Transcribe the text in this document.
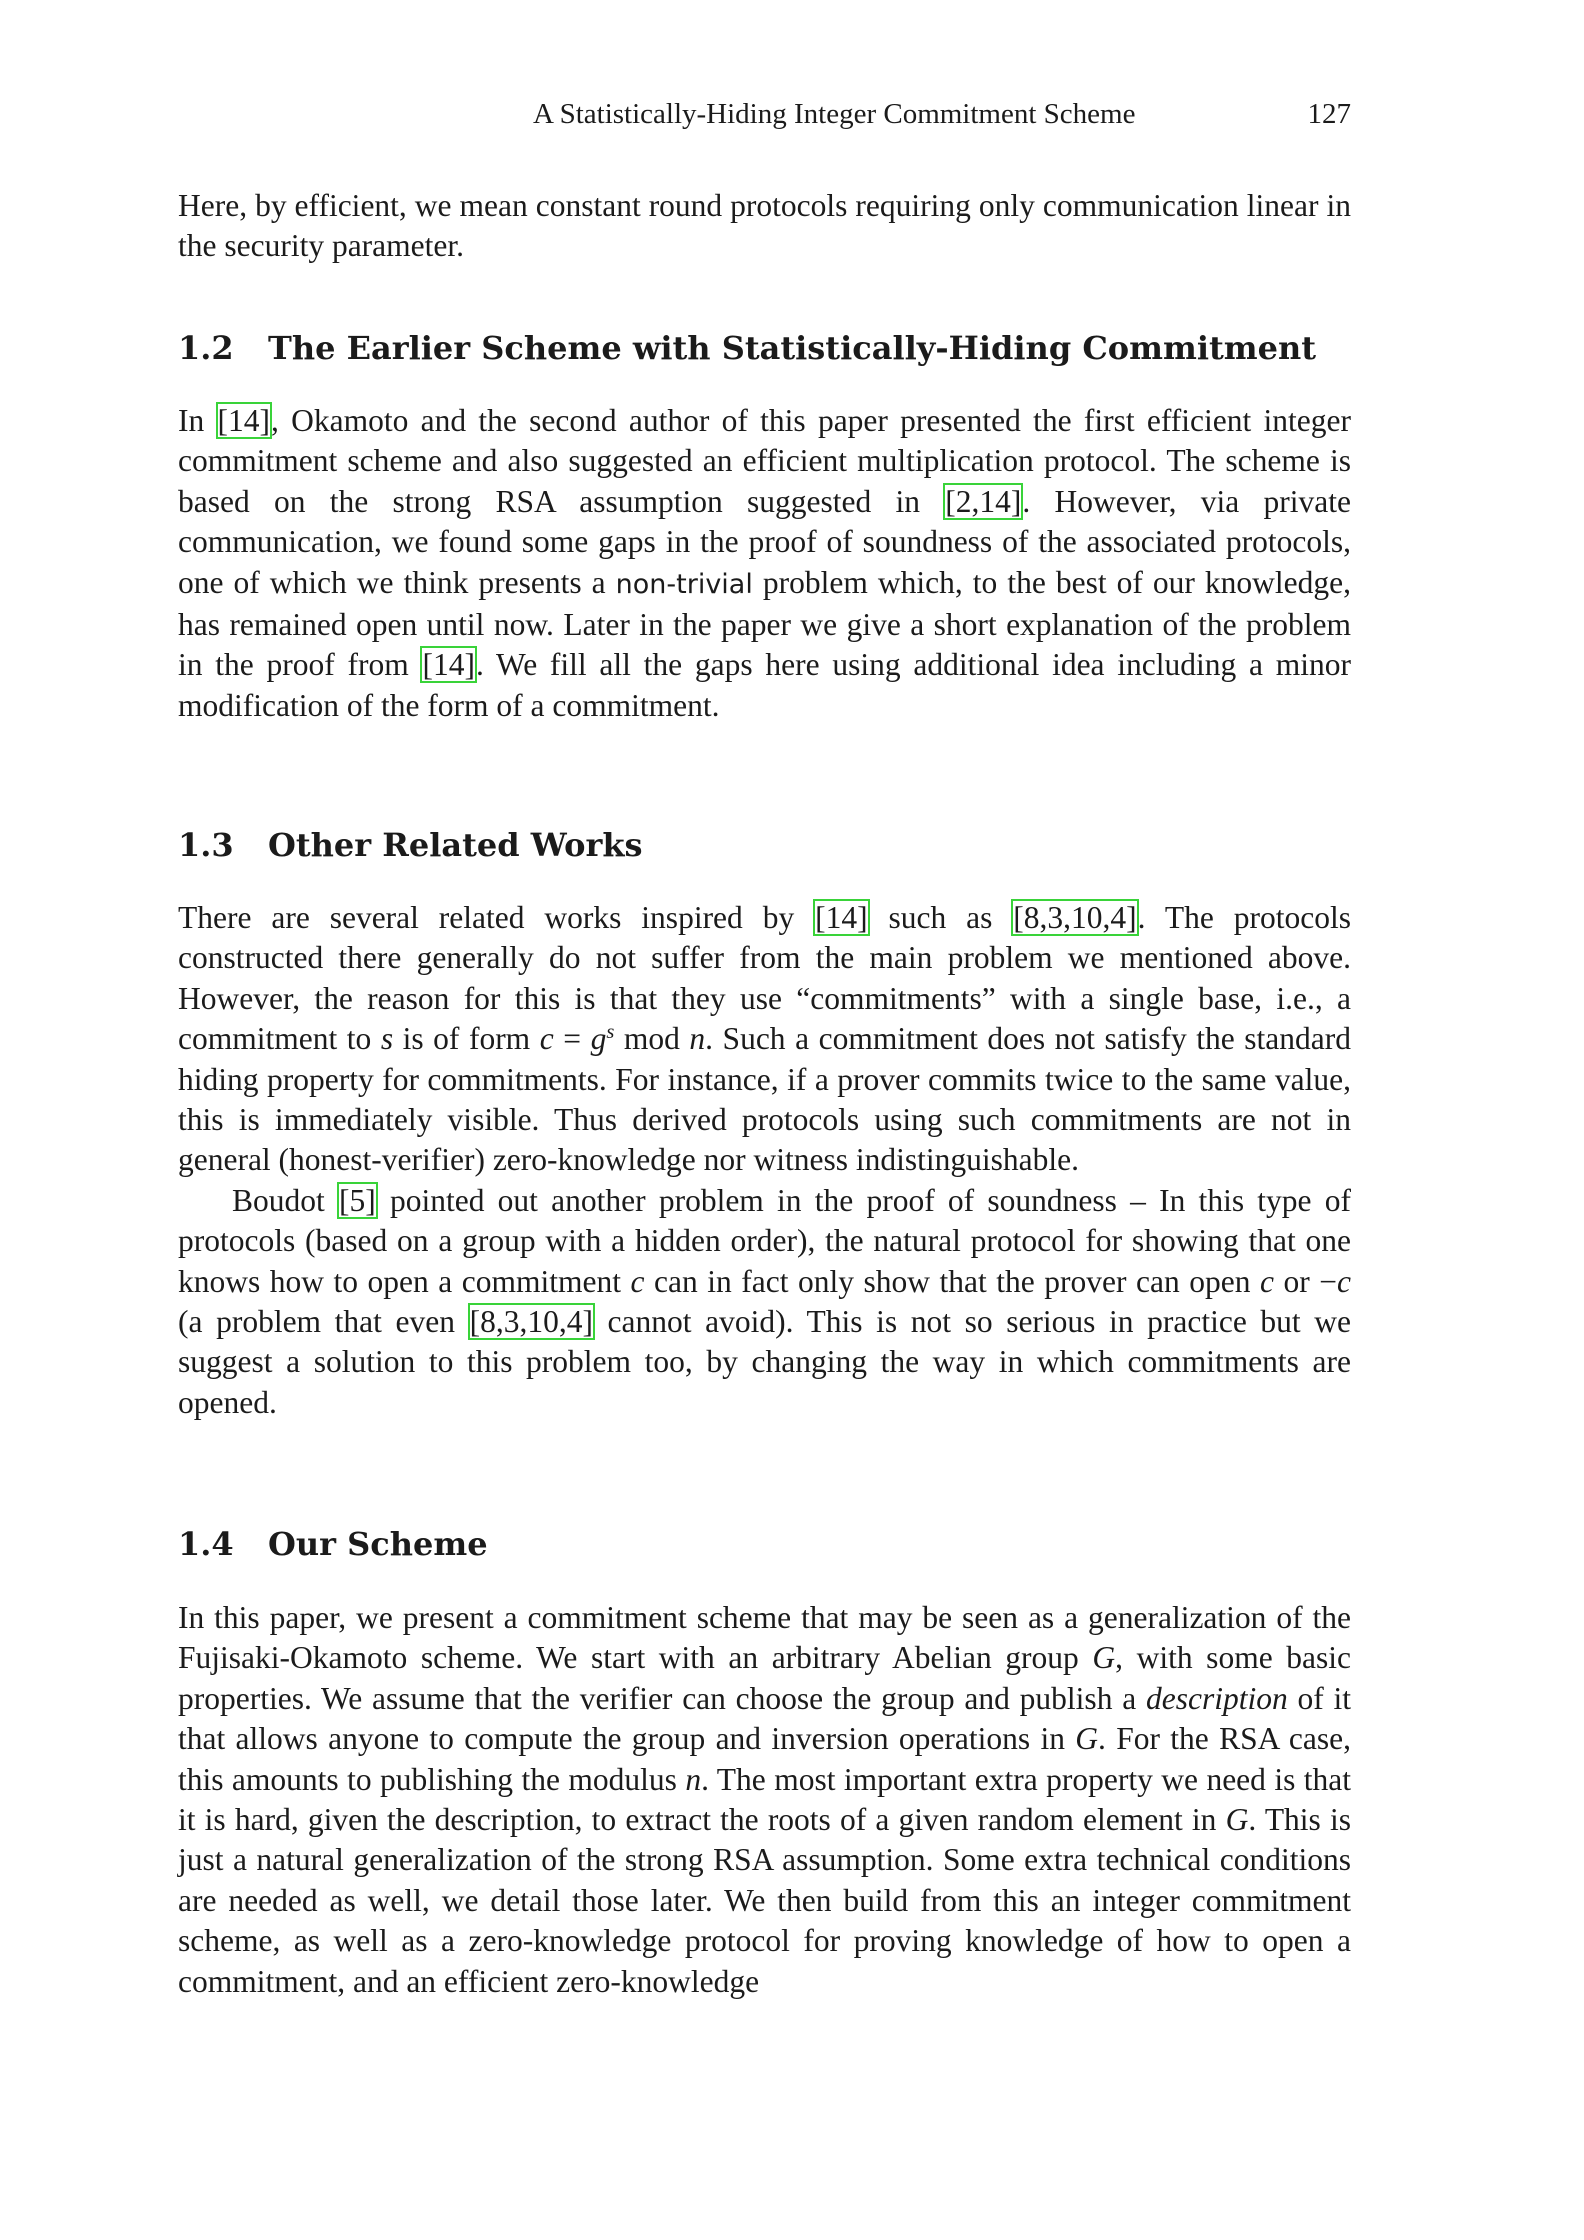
A Statistically-Hiding Integer Commitment Scheme	127

Here, by efficient, we mean constant round protocols requiring only communication linear in the security parameter.

1.2 The Earlier Scheme with Statistically-Hiding Commitment

In [14], Okamoto and the second author of this paper presented the first efficient integer commitment scheme and also suggested an efficient multiplication protocol. The scheme is based on the strong RSA assumption suggested in [2,14]. However, via private communication, we found some gaps in the proof of soundness of the associated protocols, one of which we think presents a non-trivial problem which, to the best of our knowledge, has remained open until now. Later in the paper we give a short explanation of the problem in the proof from [14]. We fill all the gaps here using additional idea including a minor modification of the form of a commitment.

1.3 Other Related Works

There are several related works inspired by [14] such as [8,3,10,4]. The protocols constructed there generally do not suffer from the main problem we mentioned above. However, the reason for this is that they use “commitments” with a single base, i.e., a commitment to s is of form $c = g^s$ mod n. Such a commitment does not satisfy the standard hiding property for commitments. For instance, if a prover commits twice to the same value, this is immediately visible. Thus derived protocols using such commitments are not in general (honest-verifier) zero-knowledge nor witness indistinguishable.

Boudot [5] pointed out another problem in the proof of soundness – In this type of protocols (based on a group with a hidden order), the natural protocol for showing that one knows how to open a commitment c can in fact only show that the prover can open c or −c (a problem that even [8,3,10,4] cannot avoid). This is not so serious in practice but we suggest a solution to this problem too, by changing the way in which commitments are opened.

1.4 Our Scheme

In this paper, we present a commitment scheme that may be seen as a generalization of the Fujisaki-Okamoto scheme. We start with an arbitrary Abelian group G, with some basic properties. We assume that the verifier can choose the group and publish a description of it that allows anyone to compute the group and inversion operations in G. For the RSA case, this amounts to publishing the modulus n. The most important extra property we need is that it is hard, given the description, to extract the roots of a given random element in G. This is just a natural generalization of the strong RSA assumption. Some extra technical conditions are needed as well, we detail those later. We then build from this an integer commitment scheme, as well as a zero-knowledge protocol for proving knowledge of how to open a commitment, and an efficient zero-knowledge
